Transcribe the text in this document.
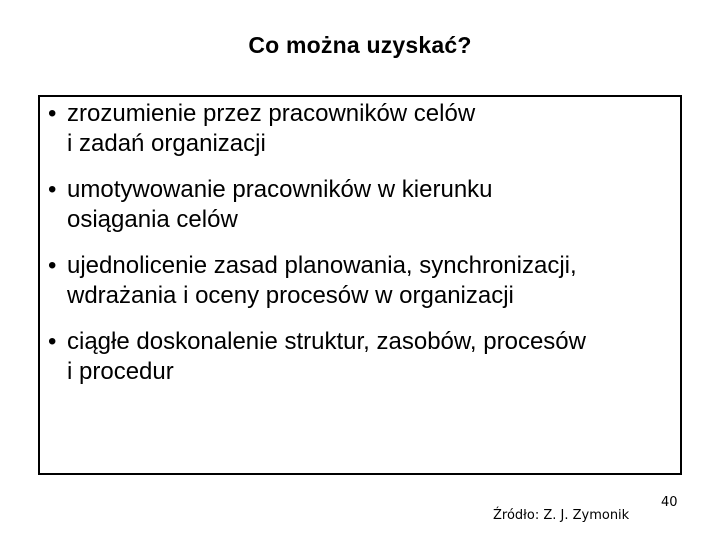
Co można uzyskać?
• zrozumienie przez pracowników celów
i zadań organizacji
• umotywowanie pracowników w kierunku
osiągania celów
• ujednolicenie zasad planowania, synchronizacji,
wdrażania i oceny procesów w organizacji
• ciągłe doskonalenie struktur, zasobów, procesów
i procedur
Źródło: Z. J. Zymonik
40
